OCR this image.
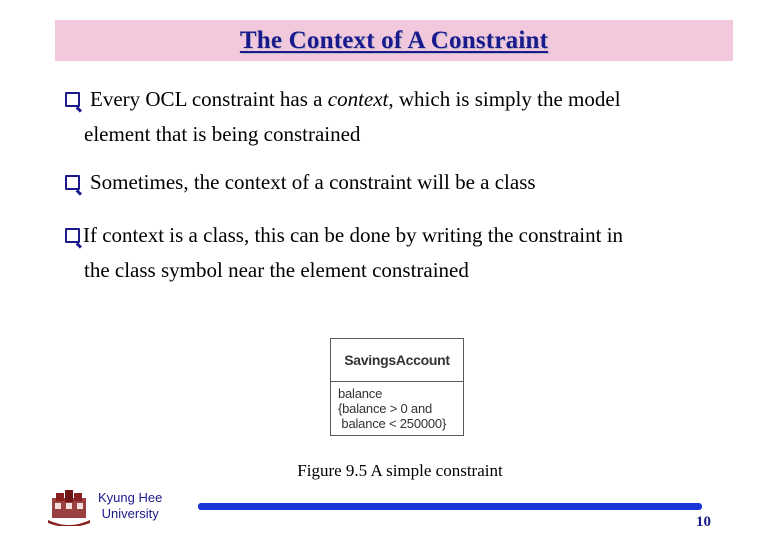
The Context of A Constraint
Every OCL constraint has a context , which is simply the model
element that is being constrained
Sometimes, the context of a constraint will be a class
If context is a class, this can be done by writing the constraint in
the class symbol near the element constrained
SavingsAccount
balance
{balance > 0 and
balance < 250000}
Figure 9.5 A simple constraint
Kyung Hee
University
10
